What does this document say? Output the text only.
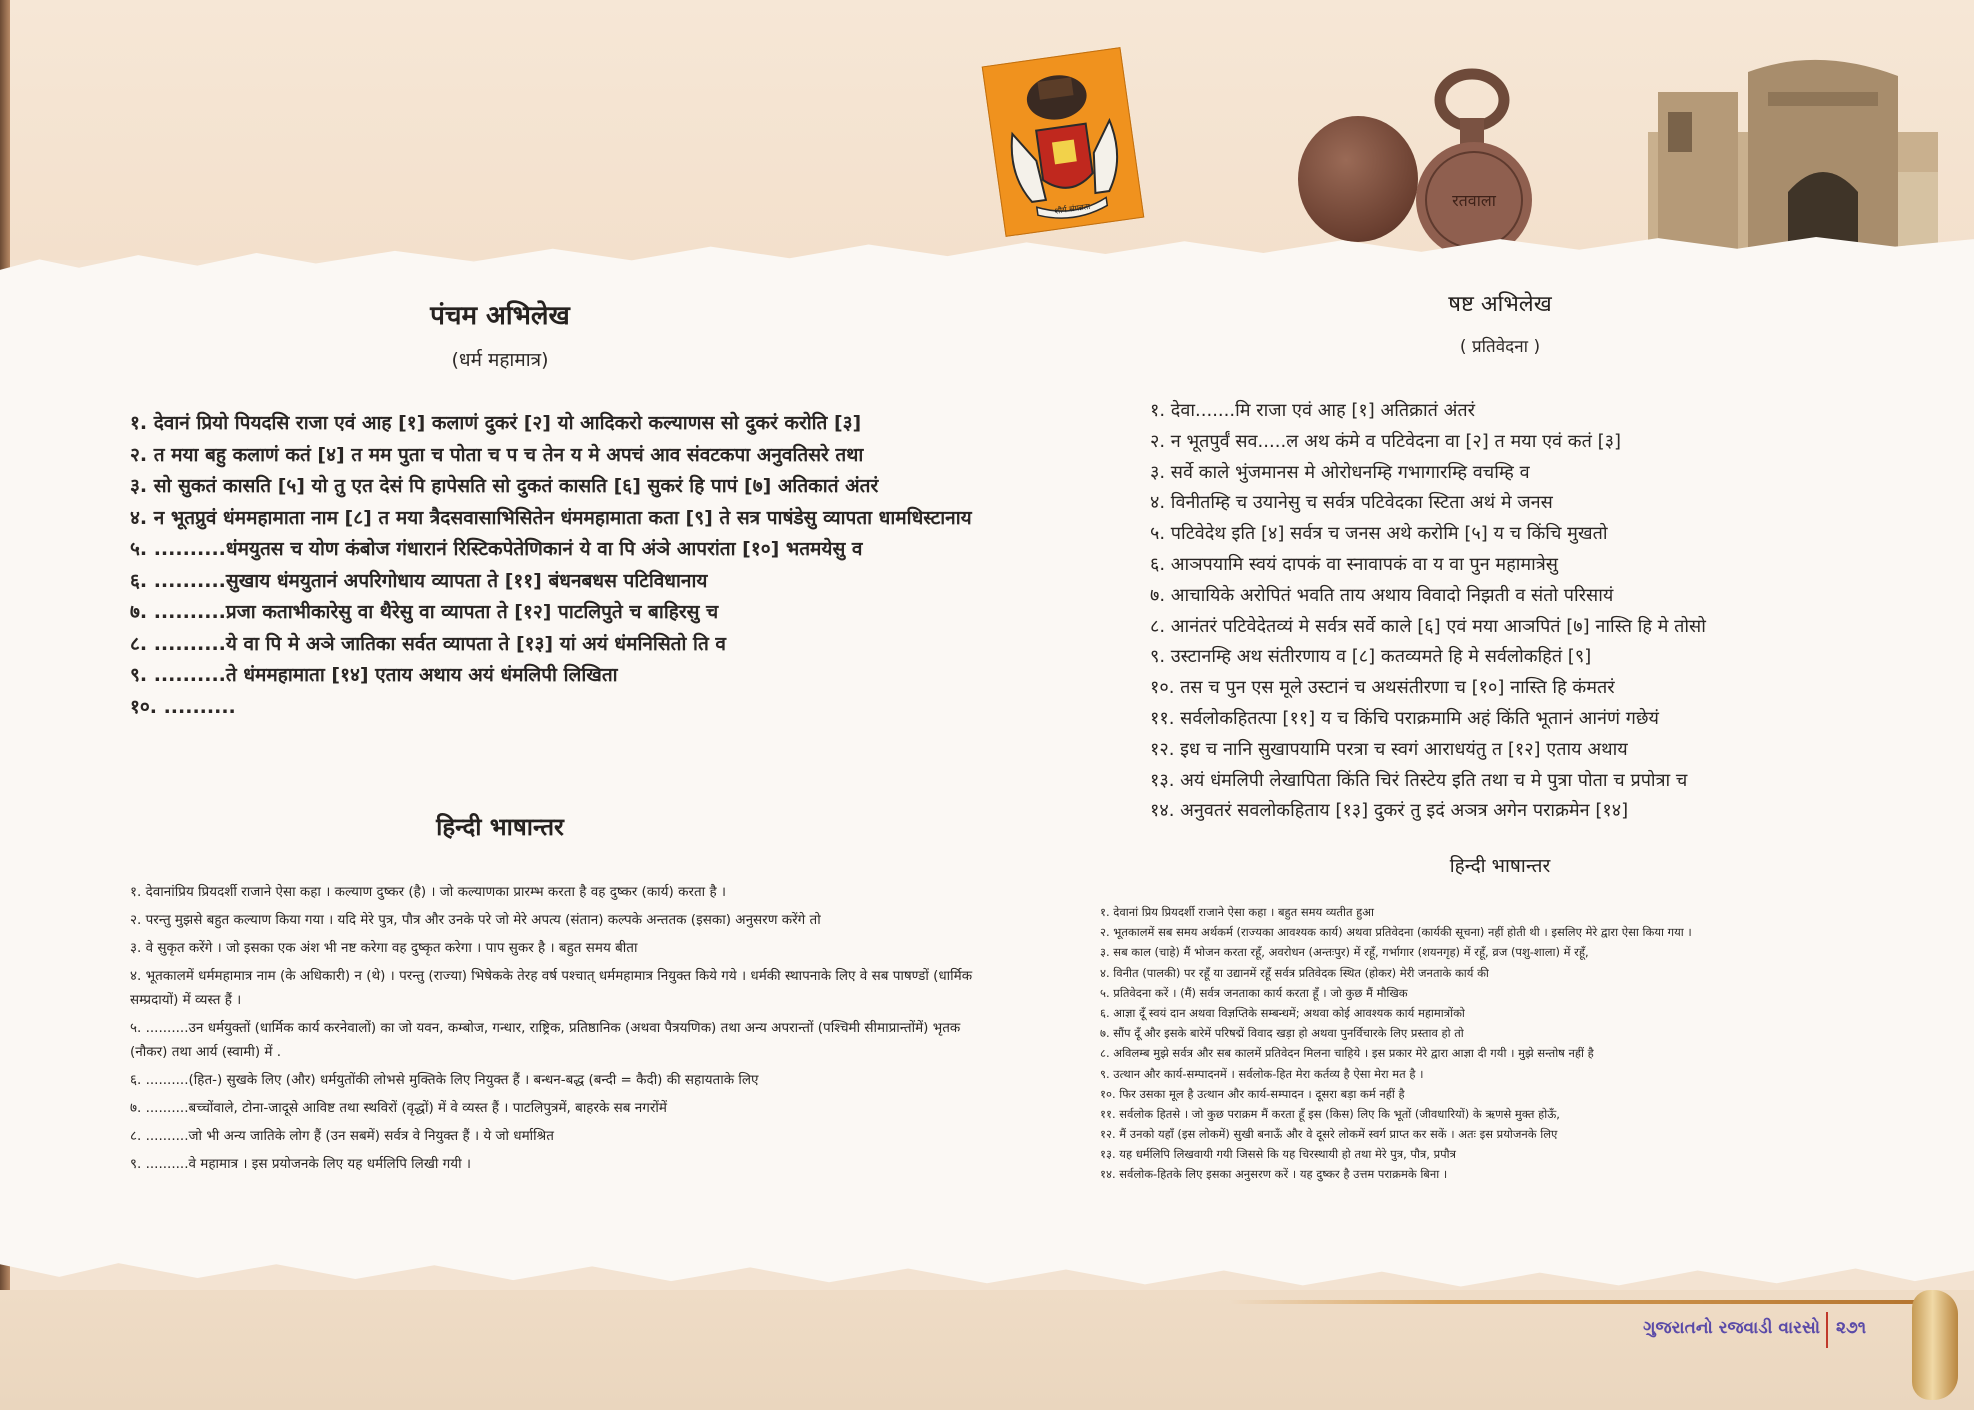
शौर्य संपन्नता	रतवाला
पंचम अभिलेख
(धर्म महामात्र)
१. देवानं प्रियो पियदसि राजा एवं आह [१] कलाणं दुकरं [२] यो आदिकरो कल्याणस सो दुकरं करोति [३]
२. त मया बहु कलाणं कतं [४] त मम पुता च पोता च प च तेन य मे अपचं आव संवटकपा अनुवतिसरे तथा
३. सो सुकतं कासति [५] यो तु एत देसं पि हापेसति सो दुकतं कासति [६] सुकरं हि पापं [७] अतिकातं अंतरं
४. न भूतप्रुवं धंममहामाता नाम [८] त मया त्रैदसवासाभिसितेन धंममहामाता कता [९] ते सत्र पाषंडेसु व्यापता धामधिस्टानाय
५. ..........धंमयुतस च योण कंबोज गंधारानं रिस्टिकपेतेणिकानं ये वा पि अंञे आपरांता [१०] भतमयेसु व
६. ..........सुखाय धंमयुतानं अपरिगोधाय व्यापता ते [११] बंधनबधस पटिविधानाय
७. ..........प्रजा कताभीकारेसु वा थैरेसु वा व्यापता ते [१२] पाटलिपुते च बाहिरसु च
८. ..........ये वा पि मे अञे जातिका सर्वत व्यापता ते [१३] यां अयं धंमनिसितो ति व
९. ..........ते धंममहामाता [१४] एताय अथाय अयं धंमलिपी लिखिता
१०. ..........
हिन्दी भाषान्तर
१. देवानांप्रिय प्रियदर्शी राजाने ऐसा कहा । कल्याण दुष्कर (है) । जो कल्याणका प्रारम्भ करता है वह दुष्कर (कार्य) करता है ।
२. परन्तु मुझसे बहुत कल्याण किया गया । यदि मेरे पुत्र, पौत्र और उनके परे जो मेरे अपत्य (संतान) कल्पके अन्ततक (इसका) अनुसरण करेंगे तो
३. वे सुकृत करेंगे । जो इसका एक अंश भी नष्ट करेगा वह दुष्कृत करेगा । पाप सुकर है । बहुत समय बीता
४. भूतकालमें धर्ममहामात्र नाम (के अधिकारी) न (थे) । परन्तु (राज्या) भिषेकके तेरह वर्ष पश्चात् धर्ममहामात्र नियुक्त किये गये । धर्मकी स्थापनाके लिए वे सब पाषण्डों (धार्मिक सम्प्रदायों) में व्यस्त हैं ।
५. ..........उन धर्मयुक्तों (धार्मिक कार्य करनेवालों) का जो यवन, कम्बोज, गन्धार, राष्ट्रिक, प्रतिष्ठानिक (अथवा पैत्रयणिक) तथा अन्य अपरान्तों (पश्चिमी सीमाप्रान्तोंमें) भृतक (नौकर) तथा आर्य (स्वामी) में .
६. ..........(हित-) सुखके लिए (और) धर्मयुतोंकी लोभसे मुक्तिके लिए नियुक्त हैं । बन्धन-बद्ध (बन्दी = कैदी) की सहायताके लिए
७. ..........बच्चोंवाले, टोना-जादूसे आविष्ट तथा स्थविरों (वृद्धों) में वे व्यस्त हैं । पाटलिपुत्रमें, बाहरके सब नगरोंमें
८. ..........जो भी अन्य जातिके लोग हैं (उन सबमें) सर्वत्र वे नियुक्त हैं । ये जो धर्माश्रित
९. ..........वे महामात्र । इस प्रयोजनके लिए यह धर्मलिपि लिखी गयी ।
षष्ट अभिलेख
( प्रतिवेदना )
१. देवा.......मि राजा एवं आह [१] अतिक्रातं अंतरं
२. न भूतपुर्वं सव.....ल अथ कंमे व पटिवेदना वा [२] त मया एवं कतं [३]
३. सर्वे काले भुंजमानस मे ओरोधनम्हि गभागारम्हि वचम्हि व
४. विनीतम्हि च उयानेसु च सर्वत्र पटिवेदका स्टिता अथं मे जनस
५. पटिवेदेथ इति [४] सर्वत्र च जनस अथे करोमि [५] य च किंचि मुखतो
६. आञपयामि स्वयं दापकं वा स्नावापकं वा य वा पुन महामात्रेसु
७. आचायिके अरोपितं भवति ताय अथाय विवादो निझती व संतो परिसायं
८. आनंतरं पटिवेदेतव्यं मे सर्वत्र सर्वे काले [६] एवं मया आञपितं [७] नास्ति हि मे तोसो
९. उस्टानम्हि अथ संतीरणाय व [८] कतव्यमते हि मे सर्वलोकहितं [९]
१०. तस च पुन एस मूले उस्टानं च अथसंतीरणा च [१०] नास्ति हि कंमतरं
११. सर्वलोकहितत्पा [११] य च किंचि पराक्रमामि अहं किंति भूतानं आनंणं गछेयं
१२. इध च नानि सुखापयामि परत्रा च स्वगं आराधयंतु त [१२] एताय अथाय
१३. अयं धंमलिपी लेखापिता किंति चिरं तिस्टेय इति तथा च मे पुत्रा पोता च प्रपोत्रा च
१४. अनुवतरं सवलोकहिताय [१३] दुकरं तु इदं अञत्र अगेन पराक्रमेन [१४]
हिन्दी भाषान्तर
१. देवानां प्रिय प्रियदर्शी राजाने ऐसा कहा । बहुत समय व्यतीत हुआ
२. भूतकालमें सब समय अर्थकर्म (राज्यका आवश्यक कार्य) अथवा प्रतिवेदना (कार्यकी सूचना) नहीं होती थी । इसलिए मेरे द्वारा ऐसा किया गया ।
३. सब काल (चाहे) मैं भोजन करता रहूँ, अवरोधन (अन्तःपुर) में रहूँ, गर्भागार (शयनगृह) में रहूँ, व्रज (पशु-शाला) में रहूँ,
४. विनीत (पालकी) पर रहूँ या उद्यानमें रहूँ सर्वत्र प्रतिवेदक स्थित (होकर) मेरी जनताके कार्य की
५. प्रतिवेदना करें । (मैं) सर्वत्र जनताका कार्य करता हूँ । जो कुछ मैं मौखिक
६. आज्ञा दूँ स्वयं दान अथवा विज्ञप्तिके सम्बन्धमें; अथवा कोई आवश्यक कार्य महामात्रोंको
७. सौंप दूँ और इसके बारेमें परिषद्में विवाद खड़ा हो अथवा पुनर्विचारके लिए प्रस्ताव हो तो
८. अविलम्ब मुझे सर्वत्र और सब कालमें प्रतिवेदन मिलना चाहिये । इस प्रकार मेरे द्वारा आज्ञा दी गयी । मुझे सन्तोष नहीं है
९. उत्थान और कार्य-सम्पादनमें । सर्वलोक-हित मेरा कर्तव्य है ऐसा मेरा मत है ।
१०. फिर उसका मूल है उत्थान और कार्य-सम्पादन । दूसरा बड़ा कर्म नहीं है
११. सर्वलोक हितसे । जो कुछ पराक्रम मैं करता हूँ इस (किस) लिए कि भूतों (जीवधारियों) के ऋणसे मुक्त होऊँ,
१२. मैं उनको यहाँ (इस लोकमें) सुखी बनाऊँ और वे दूसरे लोकमें स्वर्ग प्राप्त कर सकें । अतः इस प्रयोजनके लिए
१३. यह धर्मलिपि लिखवायी गयी जिससे कि यह चिरस्थायी हो तथा मेरे पुत्र, पौत्र, प्रपौत्र
१४. सर्वलोक-हितके लिए इसका अनुसरण करें । यह दुष्कर है उत्तम पराक्रमके बिना ।
ગુજરાતનો રજવાડી વારસો ૨૭૧
